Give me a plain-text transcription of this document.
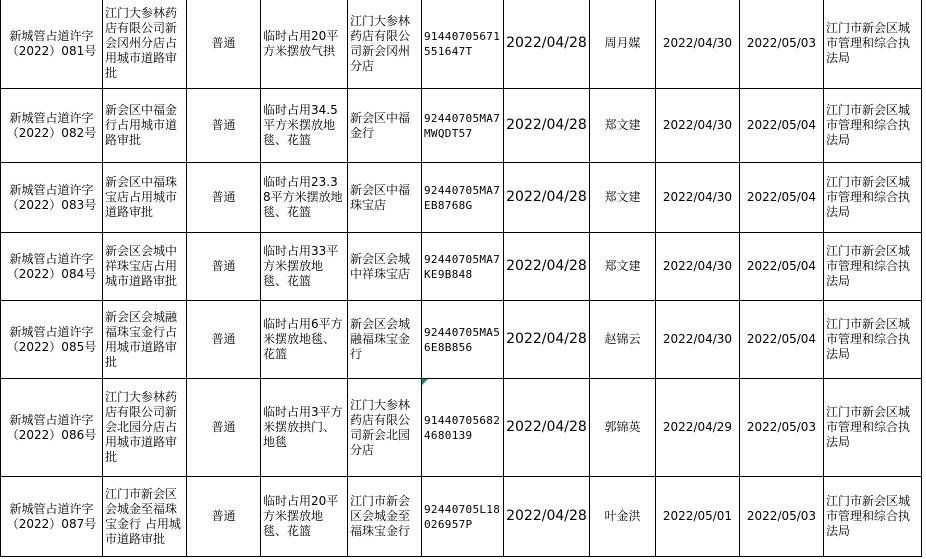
新城管占道许字（2022）081号	江门大参林药店有限公司新会冈州分店占用城市道路审批	普通	临时占用20平方米摆放气拱	江门大参林药店有限公司新会冈州分店	91440705671551647T	2022/04/28	周月媒	2022/04/30	2022/05/03	江门市新会区城市管理和综合执法局
新城管占道许字（2022）082号	新会区中福金行占用城市道路审批	普通	临时占用34.5平方米摆放地毯、花篮	新会区中福金行	92440705MA7MWQDT57	2022/04/28	郑文建	2022/04/30	2022/05/04	江门市新会区城市管理和综合执法局
新城管占道许字（2022）083号	新会区中福珠宝店占用城市道路审批	普通	临时占用23.38平方米摆放地毯、花篮	新会区中福珠宝店	92440705MA7EB8768G	2022/04/28	郑文建	2022/04/30	2022/05/04	江门市新会区城市管理和综合执法局
新城管占道许字（2022）084号	新会区会城中祥珠宝店占用城市道路审批	普通	临时占用33平方米摆放地毯、花篮	新会区会城中祥珠宝店	92440705MA7KE9B848	2022/04/28	郑文建	2022/04/30	2022/05/04	江门市新会区城市管理和综合执法局
新城管占道许字（2022）085号	新会区会城融福珠宝金行占用城市道路审批	普通	临时占用6平方米摆放地毯、花篮	新会区会城融福珠宝金行	92440705MA56E8B856	2022/04/28	赵锦云	2022/04/30	2022/05/04	江门市新会区城市管理和综合执法局
新城管占道许字（2022）086号	江门大参林药店有限公司新会北园分店占用城市道路审批	普通	临时占用3平方米摆放拱门、地毯	江门大参林药店有限公司新会北园分店	914407056824680139	2022/04/28	郭锦英	2022/04/29	2022/05/03	江门市新会区城市管理和综合执法局
新城管占道许字（2022）087号	江门市新会区会城金至福珠宝金行 占用城市道路审批	普通	临时占用20平方米摆放地毯、花篮	江门市新会区会城金至福珠宝金行	92440705L18026957P	2022/04/28	叶金洪	2022/05/01	2022/05/03	江门市新会区城市管理和综合执法局
